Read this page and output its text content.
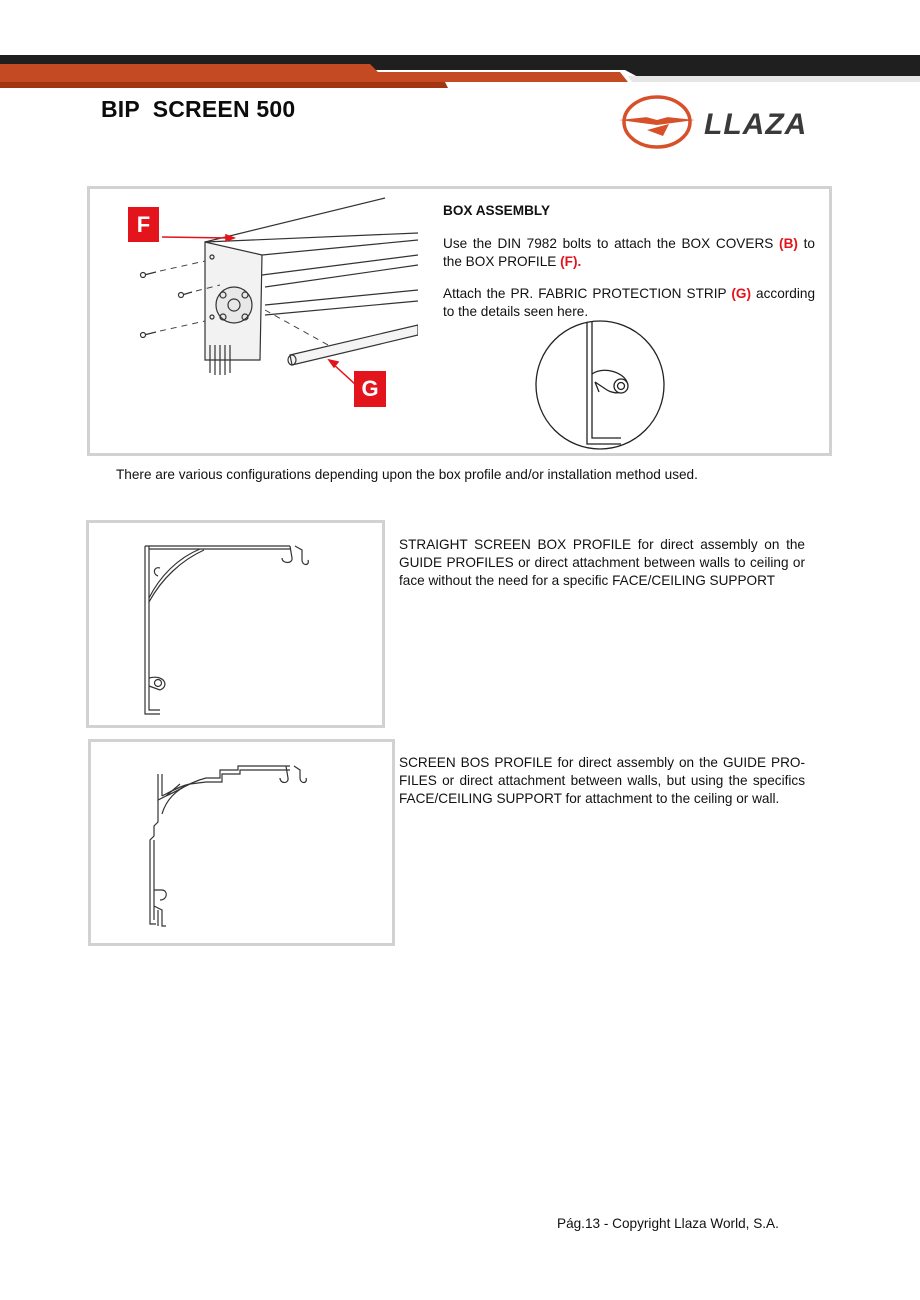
BIP  SCREEN 500	LLAZA
F
G
BOX ASSEMBLY
Use the DIN 7982 bolts to attach the BOX COVERS (B) to the BOX PROFILE (F).
Attach the PR. FABRIC PROTECTION STRIP (G) according to the details seen here.
There are various configurations depending upon the box profile and/or installation method used.
STRAIGHT SCREEN BOX PROFILE for direct assembly on the GUIDE PROFILES or direct attachment between walls to ceiling or face without the need for a specific FACE/CEILING SUPPORT
SCREEN BOS PROFILE for direct assembly on the GUIDE PRO-FILES or direct attachment between walls, but using the specifics FACE/CEILING SUPPORT for attachment to the ceiling or wall.
Pág.13 - Copyright Llaza World, S.A.
